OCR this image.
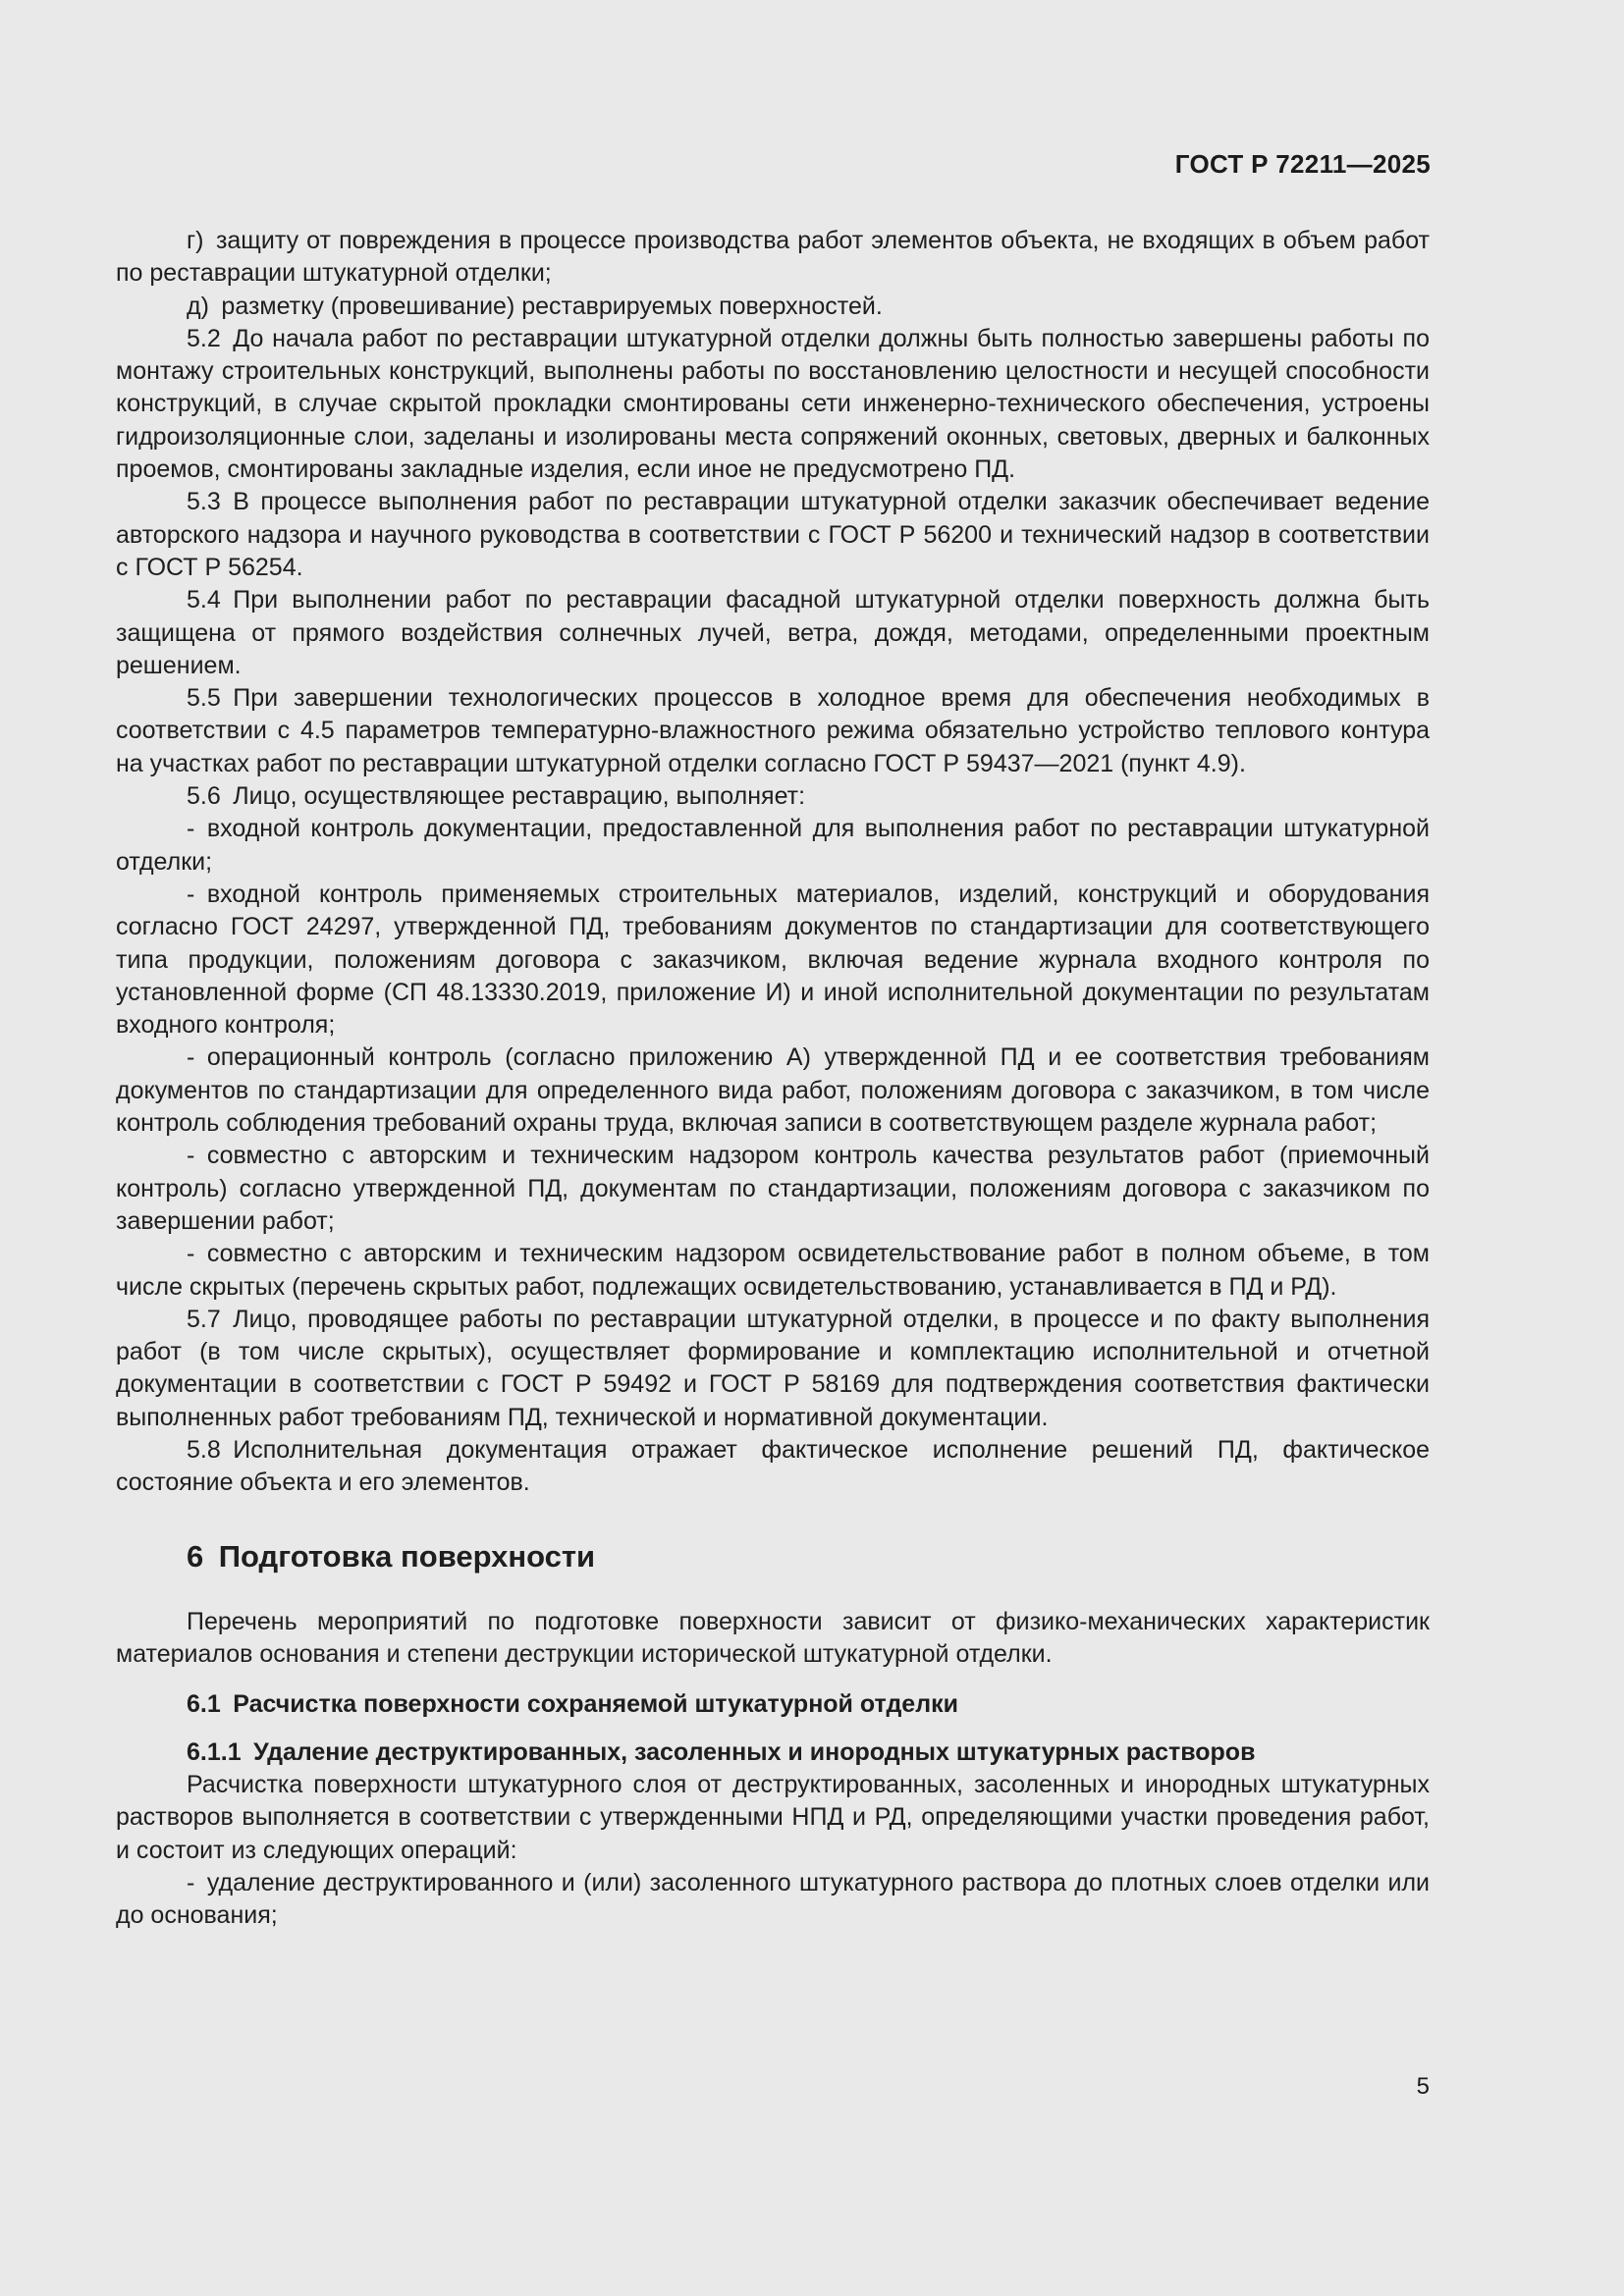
ГОСТ Р 72211—2025

г) защиту от повреждения в процессе производства работ элементов объекта, не входящих в объем работ по реставрации штукатурной отделки;

д) разметку (провешивание) реставрируемых поверхностей.

5.2 До начала работ по реставрации штукатурной отделки должны быть полностью завершены работы по монтажу строительных конструкций, выполнены работы по восстановлению целостности и несущей способности конструкций, в случае скрытой прокладки смонтированы сети инженерно-технического обеспечения, устроены гидроизоляционные слои, заделаны и изолированы места сопряжений оконных, световых, дверных и балконных проемов, смонтированы закладные изделия, если иное не предусмотрено ПД.

5.3 В процессе выполнения работ по реставрации штукатурной отделки заказчик обеспечивает ведение авторского надзора и научного руководства в соответствии с ГОСТ Р 56200 и технический надзор в соответствии с ГОСТ Р 56254.

5.4 При выполнении работ по реставрации фасадной штукатурной отделки поверхность должна быть защищена от прямого воздействия солнечных лучей, ветра, дождя, методами, определенными проектным решением.

5.5 При завершении технологических процессов в холодное время для обеспечения необходимых в соответствии с 4.5 параметров температурно-влажностного режима обязательно устройство теплового контура на участках работ по реставрации штукатурной отделки согласно ГОСТ Р 59437—2021 (пункт 4.9).

5.6 Лицо, осуществляющее реставрацию, выполняет:

- входной контроль документации, предоставленной для выполнения работ по реставрации штукатурной отделки;

- входной контроль применяемых строительных материалов, изделий, конструкций и оборудования согласно ГОСТ 24297, утвержденной ПД, требованиям документов по стандартизации для соответствующего типа продукции, положениям договора с заказчиком, включая ведение журнала входного контроля по установленной форме (СП 48.13330.2019, приложение И) и иной исполнительной документации по результатам входного контроля;

- операционный контроль (согласно приложению А) утвержденной ПД и ее соответствия требованиям документов по стандартизации для определенного вида работ, положениям договора с заказчиком, в том числе контроль соблюдения требований охраны труда, включая записи в соответствующем разделе журнала работ;

- совместно с авторским и техническим надзором контроль качества результатов работ (приемочный контроль) согласно утвержденной ПД, документам по стандартизации, положениям договора с заказчиком по завершении работ;

- совместно с авторским и техническим надзором освидетельствование работ в полном объеме, в том числе скрытых (перечень скрытых работ, подлежащих освидетельствованию, устанавливается в ПД и РД).

5.7 Лицо, проводящее работы по реставрации штукатурной отделки, в процессе и по факту выполнения работ (в том числе скрытых), осуществляет формирование и комплектацию исполнительной и отчетной документации в соответствии с ГОСТ Р 59492 и ГОСТ Р 58169 для подтверждения соответствия фактически выполненных работ требованиям ПД, технической и нормативной документации.

5.8 Исполнительная документация отражает фактическое исполнение решений ПД, фактическое состояние объекта и его элементов.

6 Подготовка поверхности

Перечень мероприятий по подготовке поверхности зависит от физико-механических характеристик материалов основания и степени деструкции исторической штукатурной отделки.

6.1 Расчистка поверхности сохраняемой штукатурной отделки
6.1.1 Удаление деструктированных, засоленных и инородных штукатурных растворов

Расчистка поверхности штукатурного слоя от деструктированных, засоленных и инородных штукатурных растворов выполняется в соответствии с утвержденными НПД и РД, определяющими участки проведения работ, и состоит из следующих операций:

- удаление деструктированного и (или) засоленного штукатурного раствора до плотных слоев отделки или до основания;

5
